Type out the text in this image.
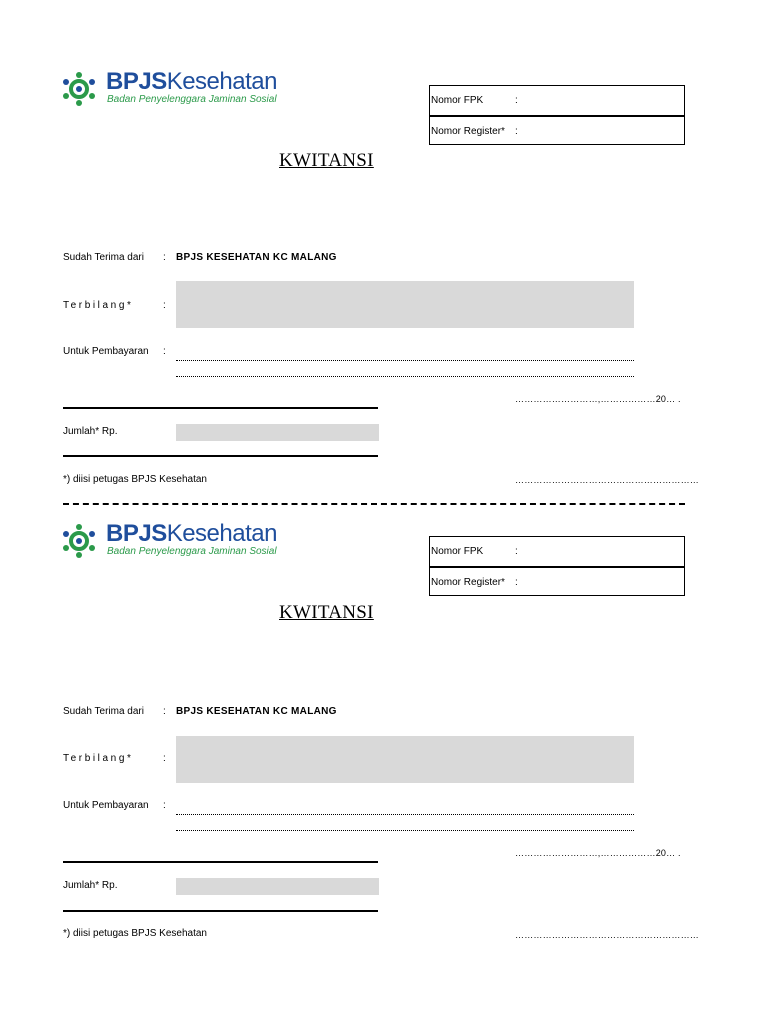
BPJSKesehatan
Badan Penyelenggara Jaminan Sosial	Nomor FPK	:
Nomor Register* :
KWITANSI
Sudah Terima dari : BPJS KESEHATAN KC MALANG
Terbilang*	:
Untuk Pembayaran :
………………………,………………20… .
Jumlah* Rp.
*) diisi petugas BPJS Kesehatan	……………………………………………………
BPJSKesehatan
Badan Penyelenggara Jaminan Sosial	Nomor FPK	:
Nomor Register* :
KWITANSI
Sudah Terima dari : BPJS KESEHATAN KC MALANG
Terbilang*	:
Untuk Pembayaran :
………………………,………………20… .
Jumlah* Rp.
*) diisi petugas BPJS Kesehatan	……………………………………………………
